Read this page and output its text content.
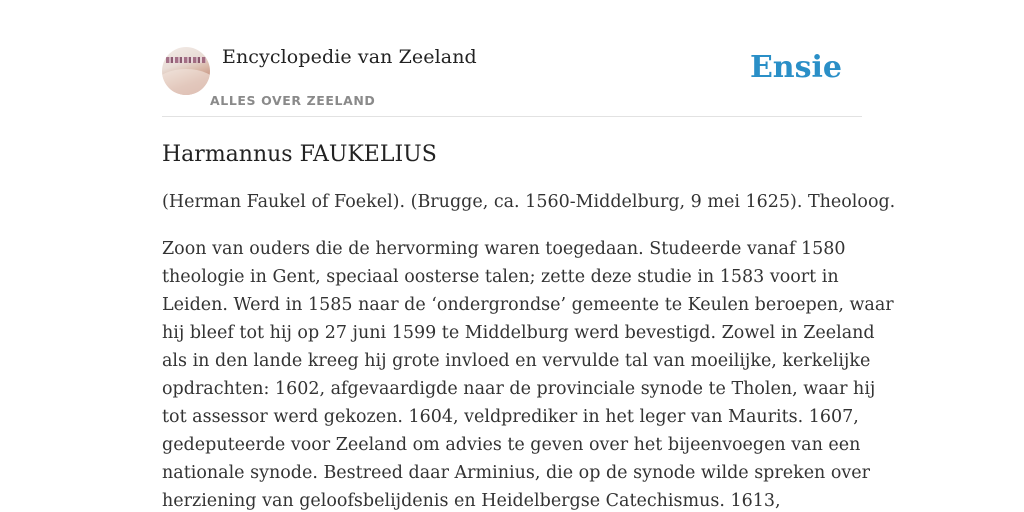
Encyclopedie van Zeeland
ALLES OVER ZEELAND
Ensie
Harmannus FAUKELIUS

(Herman Faukel of Foekel). (Brugge, ca. 1560-Middelburg, 9 mei 1625). Theoloog.

Zoon van ouders die de hervorming waren toegedaan. Studeerde vanaf 1580
theologie in Gent, speciaal oosterse talen; zette deze studie in 1583 voort in
Leiden. Werd in 1585 naar de ‘ondergrondse’ gemeente te Keulen beroepen, waar
hij bleef tot hij op 27 juni 1599 te Middelburg werd bevestigd. Zowel in Zeeland
als in den lande kreeg hij grote invloed en vervulde tal van moeilijke, kerkelijke
opdrachten: 1602, afgevaardigde naar de provinciale synode te Tholen, waar hij
tot assessor werd gekozen. 1604, veldprediker in het leger van Maurits. 1607,
gedeputeerde voor Zeeland om advies te geven over het bijeenvoegen van een
nationale synode. Bestreed daar Arminius, die op de synode wilde spreken over
herziening van geloofsbelijdenis en Heidelbergse Catechismus. 1613,
